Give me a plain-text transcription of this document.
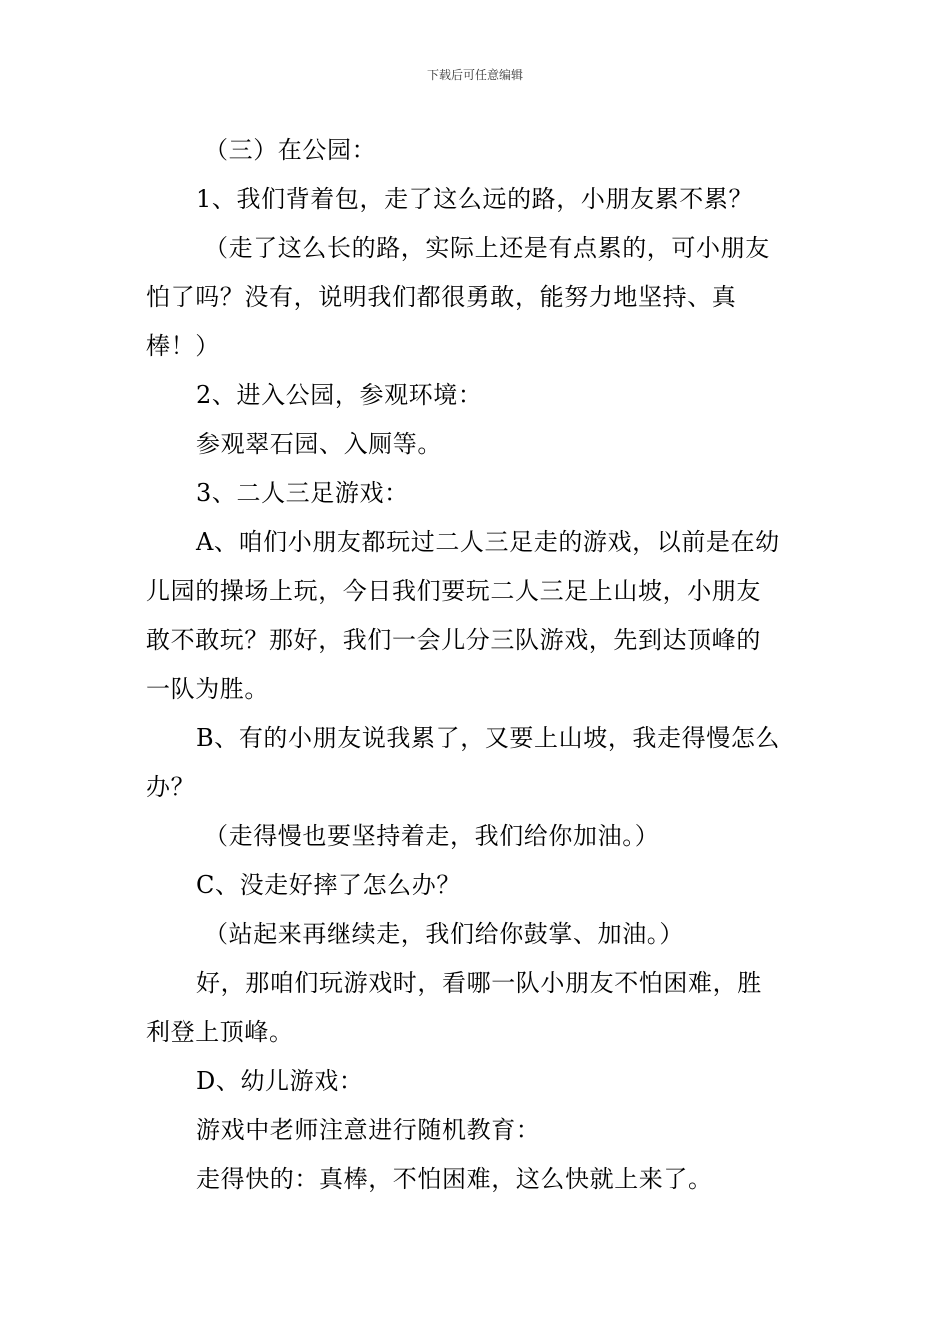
下载后可任意编辑
（三）在公园：
1、我们背着包，走了这么远的路，小朋友累不累？
（走了这么长的路，实际上还是有点累的，可小朋友
怕了吗？没有，说明我们都很勇敢，能努力地坚持、真
棒！）
2、进入公园，参观环境：
参观翠石园、入厕等。
3、二人三足游戏：
A、咱们小朋友都玩过二人三足走的游戏，以前是在幼
儿园的操场上玩，今日我们要玩二人三足上山坡，小朋友
敢不敢玩？那好，我们一会儿分三队游戏，先到达顶峰的
一队为胜。
B、有的小朋友说我累了，又要上山坡，我走得慢怎么
办？
（走得慢也要坚持着走，我们给你加油。）
C、没走好摔了怎么办？
（站起来再继续走，我们给你鼓掌、加油。）
好，那咱们玩游戏时，看哪一队小朋友不怕困难，胜
利登上顶峰。
D、幼儿游戏：
游戏中老师注意进行随机教育：
走得快的：真棒，不怕困难，这么快就上来了。
